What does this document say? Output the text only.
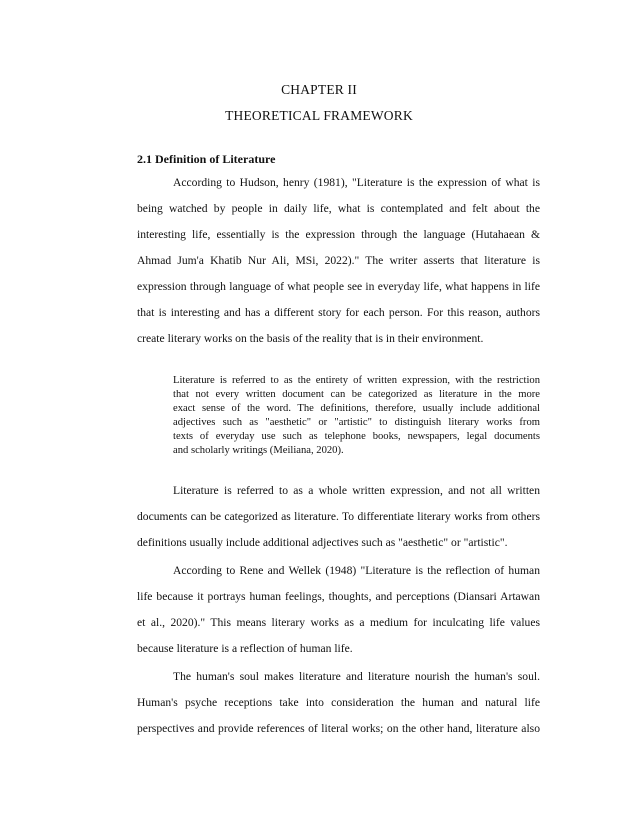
CHAPTER II
THEORETICAL FRAMEWORK
2.1 Definition of Literature
According to Hudson, henry (1981), "Literature is the expression of what is
being watched by people in daily life, what is contemplated and felt about the
interesting life, essentially is the expression through the language (Hutahaean &
Ahmad Jum'a Khatib Nur Ali, MSi, 2022)." The writer asserts that literature is
expression through language of what people see in everyday life, what happens in life
that is interesting and has a different story for each person. For this reason, authors
create literary works on the basis of the reality that is in their environment.
Literature is referred to as the entirety of written expression, with the restriction
that not every written document can be categorized as literature in the more
exact sense of the word. The definitions, therefore, usually include additional
adjectives such as "aesthetic" or "artistic" to distinguish literary works from
texts of everyday use such as telephone books, newspapers, legal documents
and scholarly writings (Meiliana, 2020).
Literature is referred to as a whole written expression, and not all written
documents can be categorized as literature. To differentiate literary works from others
definitions usually include additional adjectives such as "aesthetic" or "artistic".
According to Rene and Wellek (1948) "Literature is the reflection of human
life because it portrays human feelings, thoughts, and perceptions (Diansari Artawan
et al., 2020)." This means literary works as a medium for inculcating life values
because literature is a reflection of human life.
The human's soul makes literature and literature nourish the human's soul.
Human's psyche receptions take into consideration the human and natural life
perspectives and provide references of literal works; on the other hand, literature also
